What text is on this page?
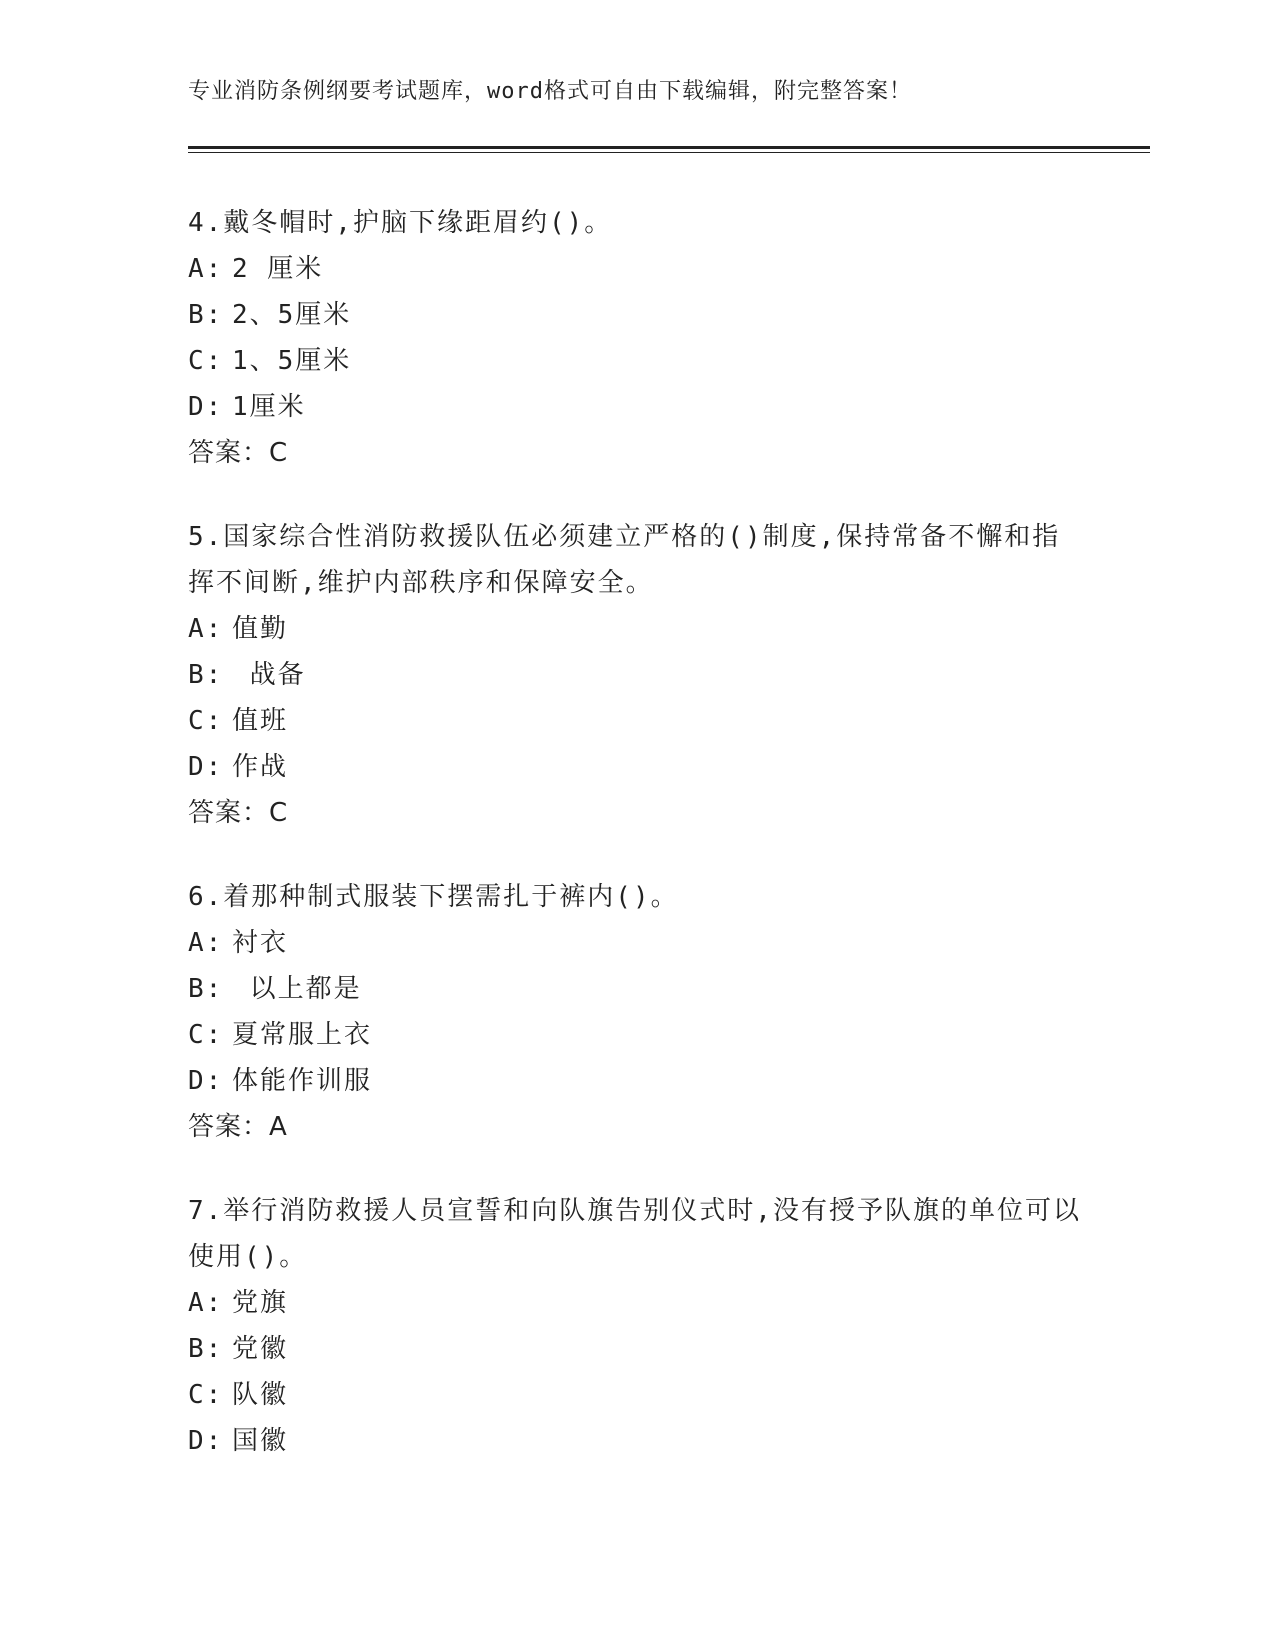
专业消防条例纲要考试题库，word格式可自由下载编辑，附完整答案！

4.戴冬帽时,护脑下缘距眉约()。

A: 2 厘米
B: 2、5厘米
C: 1、5厘米
D: 1厘米
答案：C

5.国家综合性消防救援队伍必须建立严格的()制度,保持常备不懈和指挥不间断,维护内部秩序和保障安全。

A: 值勤
B: 战备
C: 值班
D: 作战
答案：C

6.着那种制式服装下摆需扎于裤内()。

A: 衬衣
B: 以上都是
C: 夏常服上衣
D: 体能作训服
答案：A

7.举行消防救援人员宣誓和向队旗告别仪式时,没有授予队旗的单位可以使用()。

A: 党旗
B: 党徽
C: 队徽
D: 国徽
